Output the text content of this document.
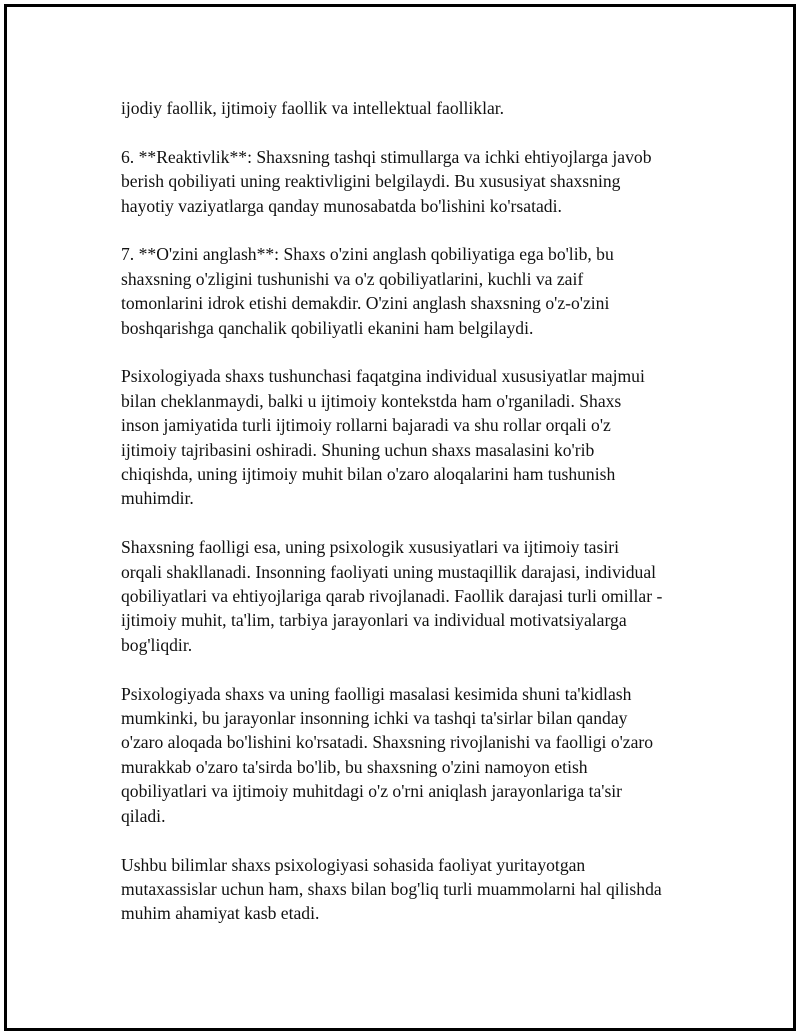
ijodiy faollik, ijtimoiy faollik va intellektual faolliklar.

6. **Reaktivlik**: Shaxsning tashqi stimullarga va ichki ehtiyojlarga javob
berish qobiliyati uning reaktivligini belgilaydi. Bu xususiyat shaxsning
hayotiy vaziyatlarga qanday munosabatda bo'lishini ko'rsatadi.

7. **O'zini anglash**: Shaxs o'zini anglash qobiliyatiga ega bo'lib, bu
shaxsning o'zligini tushunishi va o'z qobiliyatlarini, kuchli va zaif
tomonlarini idrok etishi demakdir. O'zini anglash shaxsning o'z-o'zini
boshqarishga qanchalik qobiliyatli ekanini ham belgilaydi.

Psixologiyada shaxs tushunchasi faqatgina individual xususiyatlar majmui
bilan cheklanmaydi, balki u ijtimoiy kontekstda ham o'rganiladi. Shaxs
inson jamiyatida turli ijtimoiy rollarni bajaradi va shu rollar orqali o'z
ijtimoiy tajribasini oshiradi. Shuning uchun shaxs masalasini ko'rib
chiqishda, uning ijtimoiy muhit bilan o'zaro aloqalarini ham tushunish
muhimdir.

Shaxsning faolligi esa, uning psixologik xususiyatlari va ijtimoiy tasiri
orqali shakllanadi. Insonning faoliyati uning mustaqillik darajasi, individual
qobiliyatlari va ehtiyojlariga qarab rivojlanadi. Faollik darajasi turli omillar -
ijtimoiy muhit, ta'lim, tarbiya jarayonlari va individual motivatsiyalarga
bog'liqdir.

Psixologiyada shaxs va uning faolligi masalasi kesimida shuni ta'kidlash
mumkinki, bu jarayonlar insonning ichki va tashqi ta'sirlar bilan qanday
o'zaro aloqada bo'lishini ko'rsatadi. Shaxsning rivojlanishi va faolligi o'zaro
murakkab o'zaro ta'sirda bo'lib, bu shaxsning o'zini namoyon etish
qobiliyatlari va ijtimoiy muhitdagi o'z o'rni aniqlash jarayonlariga ta'sir
qiladi.

Ushbu bilimlar shaxs psixologiyasi sohasida faoliyat yuritayotgan
mutaxassislar uchun ham, shaxs bilan bog'liq turli muammolarni hal qilishda
muhim ahamiyat kasb etadi.
